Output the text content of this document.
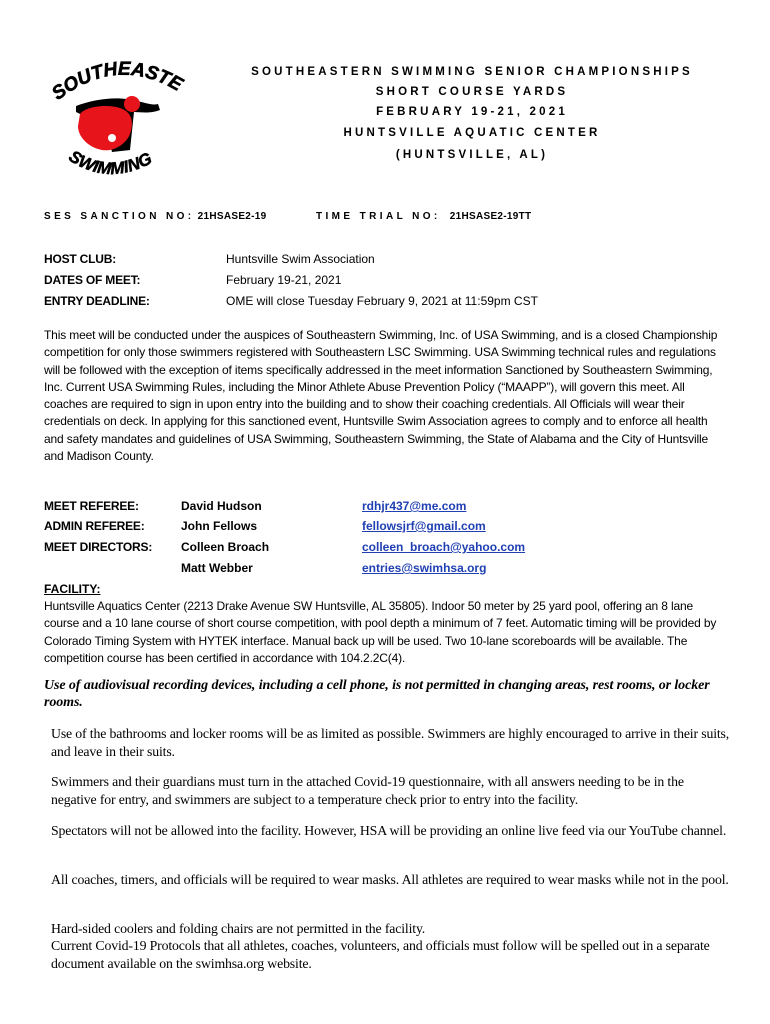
SOUTHEASTE
SWIMMING
SOUTHEASTERN SWIMMING SENIOR CHAMPIONSHIPS
SHORT COURSE YARDS
FEBRUARY 19-21, 2021
HUNTSVILLE AQUATIC CENTER
(HUNTSVILLE, AL)
SES SANCTION NO: 21HSASE2-19	TIME TRIAL NO: 21HSASE2-19TT
HOST CLUB:	Huntsville Swim Association
DATES OF MEET:	February 19-21, 2021
ENTRY DEADLINE:	OME will close Tuesday February 9, 2021 at 11:59pm CST
This meet will be conducted under the auspices of Southeastern Swimming, Inc. of USA Swimming, and is a closed Championship competition for only those swimmers registered with Southeastern LSC Swimming. USA Swimming technical rules and regulations will be followed with the exception of items specifically addressed in the meet information Sanctioned by Southeastern Swimming, Inc. Current USA Swimming Rules, including the Minor Athlete Abuse Prevention Policy (“MAAPP”), will govern this meet. All coaches are required to sign in upon entry into the building and to show their coaching credentials. All Officials will wear their credentials on deck. In applying for this sanctioned event, Huntsville Swim Association agrees to comply and to enforce all health and safety mandates and guidelines of USA Swimming, Southeastern Swimming, the State of Alabama and the City of Huntsville and Madison County.
MEET REFEREE:	David Hudson	rdhjr437@me.com
ADMIN REFEREE:	John Fellows	fellowsjrf@gmail.com
MEET DIRECTORS: Colleen Broach	colleen_broach@yahoo.com
Matt Webber	entries@swimhsa.org
FACILITY:
Huntsville Aquatics Center (2213 Drake Avenue SW Huntsville, AL 35805). Indoor 50 meter by 25 yard pool, offering an 8 lane course and a 10 lane course of short course competition, with pool depth a minimum of 7 feet. Automatic timing will be provided by Colorado Timing System with HYTEK interface. Manual back up will be used. Two 10-lane scoreboards will be available. The competition course has been certified in accordance with 104.2.2C(4).
Use of audiovisual recording devices, including a cell phone, is not permitted in changing areas, rest rooms, or locker rooms.
Use of the bathrooms and locker rooms will be as limited as possible. Swimmers are highly encouraged to arrive in their suits, and leave in their suits.
Swimmers and their guardians must turn in the attached Covid-19 questionnaire, with all answers needing to be in the negative for entry, and swimmers are subject to a temperature check prior to entry into the facility.
Spectators will not be allowed into the facility. However, HSA will be providing an online live feed via our YouTube channel.
All coaches, timers, and officials will be required to wear masks. All athletes are required to wear masks while not in the pool.
Hard-sided coolers and folding chairs are not permitted in the facility.
Current Covid-19 Protocols that all athletes, coaches, volunteers, and officials must follow will be spelled out in a separate document available on the swimhsa.org website.
